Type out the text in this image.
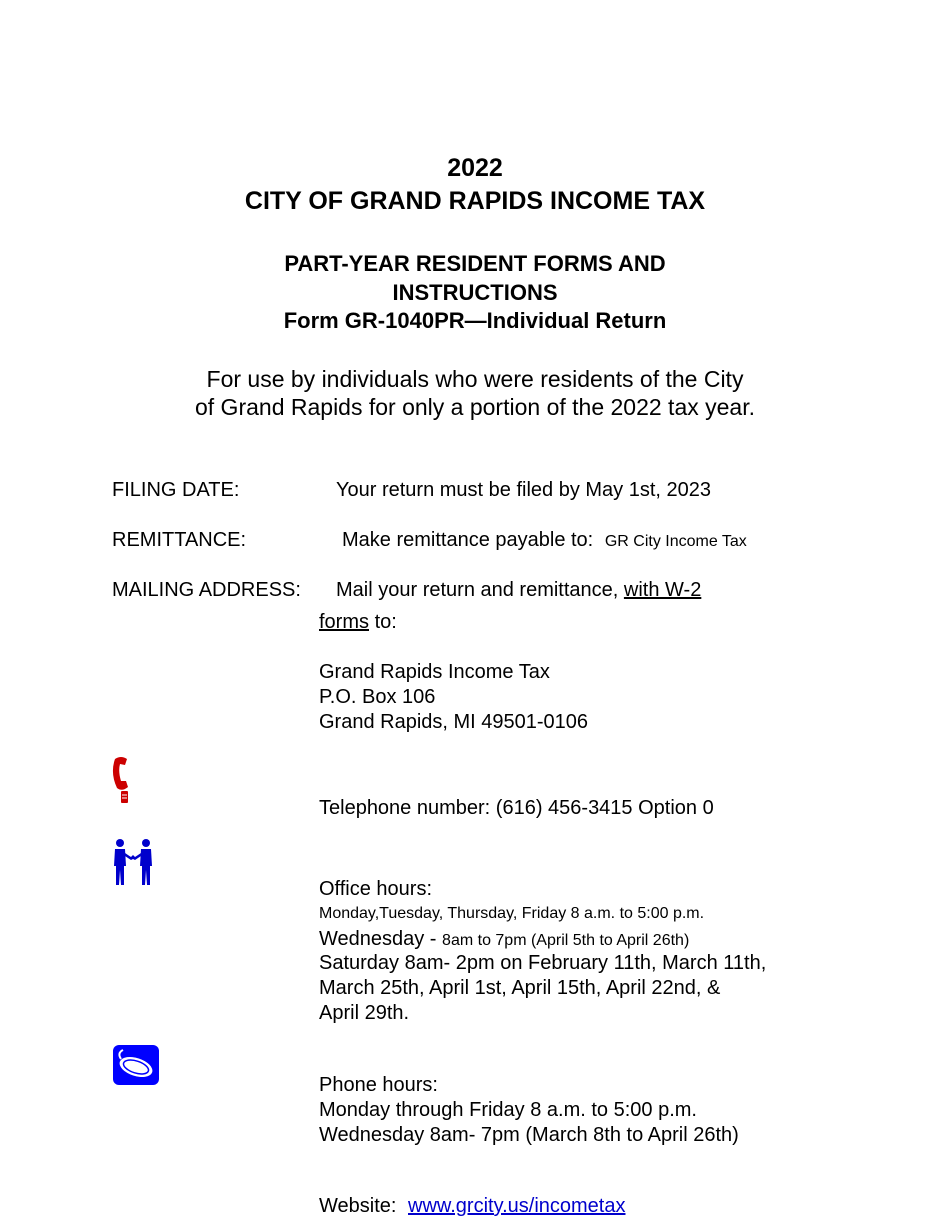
2022
CITY OF GRAND RAPIDS INCOME TAX
PART-YEAR RESIDENT FORMS AND
INSTRUCTIONS
Form GR-1040PR—Individual Return
For use by individuals who were residents of the City
of Grand Rapids for only a portion of the 2022 tax year.
FILING DATE:	Your return must be filed by May 1st, 2023
REMITTANCE:	Make remittance payable to: GR City Income Tax
MAILING ADDRESS: Mail your return and remittance, with W-2
forms to:
Grand Rapids Income Tax
P.O. Box 106
Grand Rapids, MI 49501-0106
Telephone number: (616) 456-3415 Option 0
Office hours:
Monday,Tuesday, Thursday, Friday 8 a.m. to 5:00 p.m.
Wednesday - 8am to 7pm (April 5th to April 26th)
Saturday 8am- 2pm on February 11th, March 11th,
March 25th, April 1st, April 15th, April 22nd, &
April 29th.
Phone hours:
Monday through Friday 8 a.m. to 5:00 p.m.
Wednesday 8am- 7pm (March 8th to April 26th)
Website: www.grcity.us/incometax
